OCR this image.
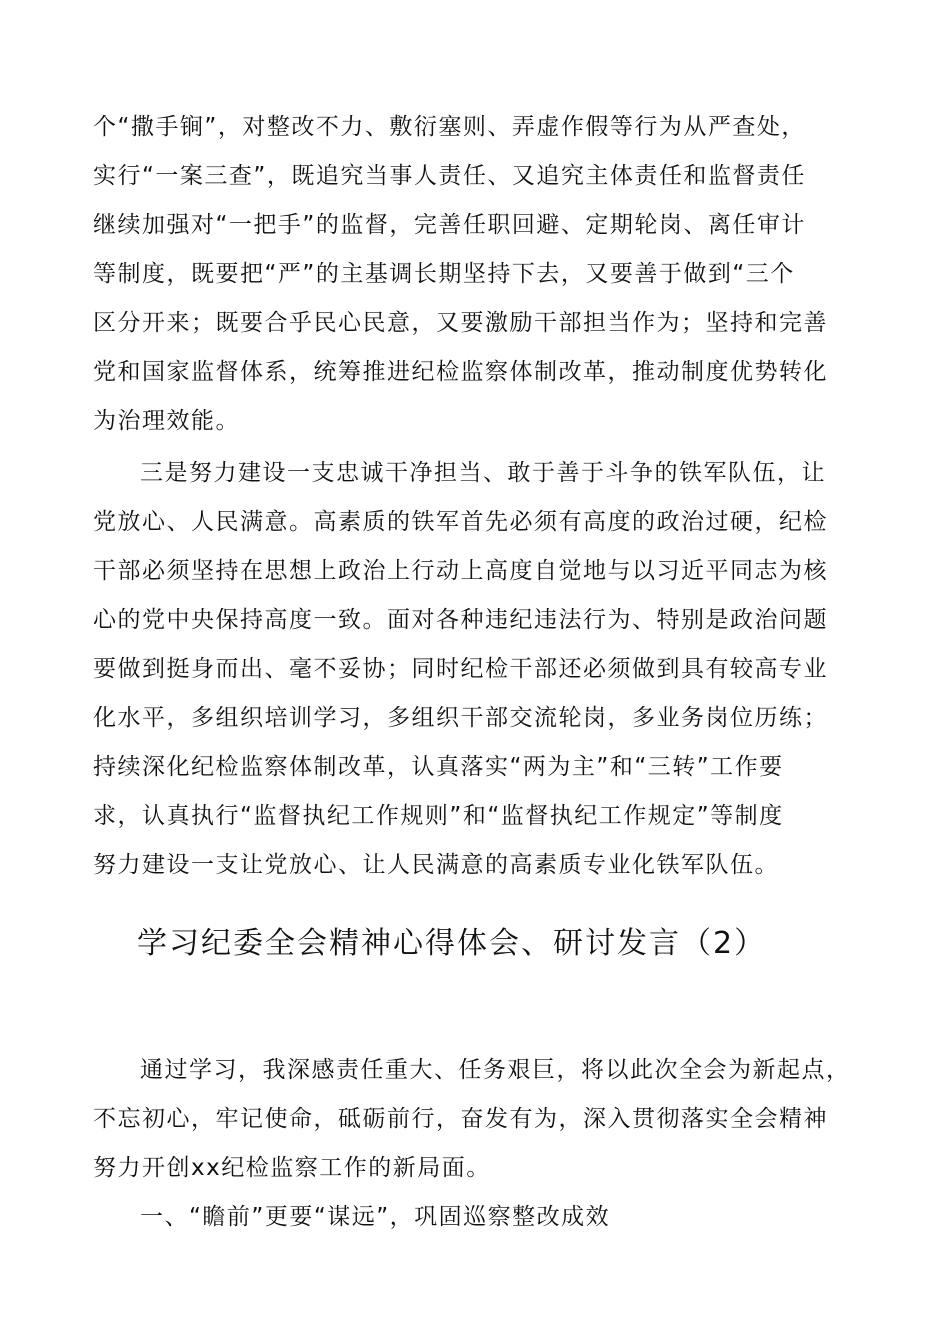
个“撒手锏”，对整改不力、敷衍塞则、弄虚作假等行为从严查处，
实行“一案三查”，既追究当事人责任、又追究主体责任和监督责任
继续加强对“一把手”的监督，完善任职回避、定期轮岗、离任审计
等制度，既要把“严”的主基调长期坚持下去，又要善于做到“三个
区分开来；既要合乎民心民意，又要激励干部担当作为；坚持和完善
党和国家监督体系，统筹推进纪检监察体制改革，推动制度优势转化
为治理效能。
三是努力建设一支忠诚干净担当、敢于善于斗争的铁军队伍，让
党放心、人民满意。高素质的铁军首先必须有高度的政治过硬，纪检
干部必须坚持在思想上政治上行动上高度自觉地与以习近平同志为核
心的党中央保持高度一致。面对各种违纪违法行为、特别是政治问题
要做到挺身而出、毫不妥协；同时纪检干部还必须做到具有较高专业
化水平，多组织培训学习，多组织干部交流轮岗，多业务岗位历练；
持续深化纪检监察体制改革，认真落实“两为主”和“三转”工作要
求，认真执行“监督执纪工作规则”和“监督执纪工作规定”等制度
努力建设一支让党放心、让人民满意的高素质专业化铁军队伍。
学习纪委全会精神心得体会、研讨发言（2）
通过学习，我深感责任重大、任务艰巨，将以此次全会为新起点，
不忘初心，牢记使命，砥砺前行，奋发有为，深入贯彻落实全会精神
努力开创xx纪检监察工作的新局面。
一、“瞻前”更要“谋远”，巩固巡察整改成效
